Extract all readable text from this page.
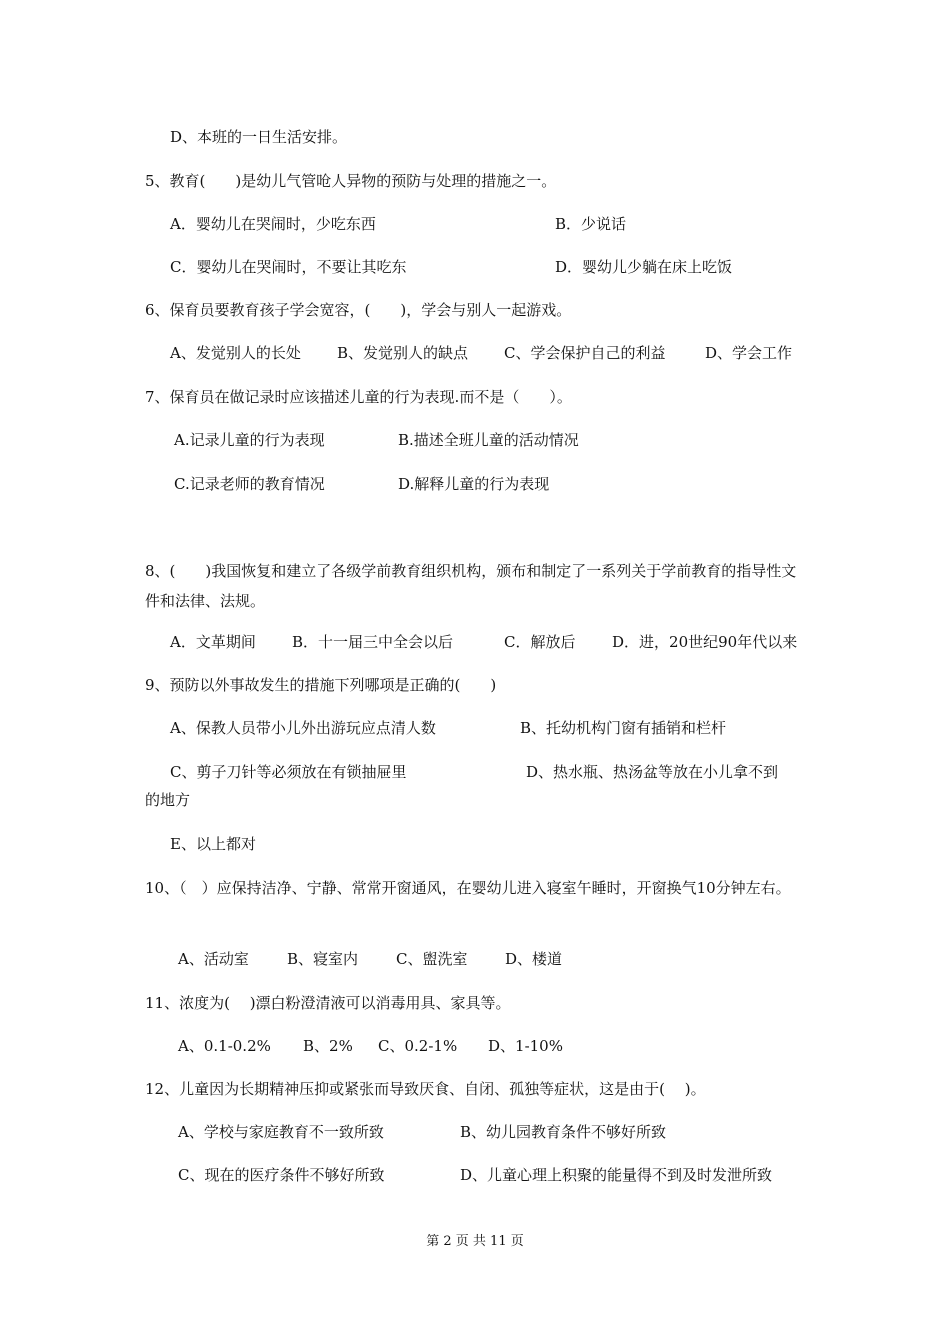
D、本班的一日生活安排。
5、教育(　　)是幼儿气管呛人异物的预防与处理的措施之一。
A．婴幼儿在哭闹时，少吃东西	B．少说话
C．婴幼儿在哭闹时，不要让其吃东	D．婴幼儿少躺在床上吃饭
6、保育员要教育孩子学会宽容，(　　)，学会与别人一起游戏。
A、发觉别人的长处 B、发觉别人的缺点 C、学会保护自己的利益	D、学会工作
7、保育员在做记录时应该描述儿童的行为表现.而不是（　　）。
A.记录儿童的行为表现	B.描述全班儿童的活动情况
C.记录老师的教育情况	D.解释儿童的行为表现
8、(　　)我国恢复和建立了各级学前教育组织机构，颁布和制定了一系列关于学前教育的指导性文件和法律、法规。
A．文革期间 B．十一届三中全会以后	C．解放后 D．进，20世纪90年代以来
9、预防以外事故发生的措施下列哪项是正确的(　　)
A、保教人员带小儿外出游玩应点清人数	B、托幼机构门窗有插销和栏杆
C、剪子刀针等必须放在有锁抽屉里	D、热水瓶、热汤盆等放在小儿拿不到
的地方
E、以上都对
10、（　）应保持洁净、宁静、常常开窗通风，在婴幼儿进入寝室午睡时，开窗换气10分钟左右。
A、活动室	B、寝室内	C、盥洗室	D、楼道
11、浓度为(　 )漂白粉澄清液可以消毒用具、家具等。
A、0.1-0.2% B、2% C、0.2-1% D、1-10%
12、儿童因为长期精神压抑或紧张而导致厌食、自闭、孤独等症状，这是由于(　 )。
A、学校与家庭教育不一致所致	B、幼儿园教育条件不够好所致
C、现在的医疗条件不够好所致	D、儿童心理上积聚的能量得不到及时发泄所致
第 2 页 共 11 页
